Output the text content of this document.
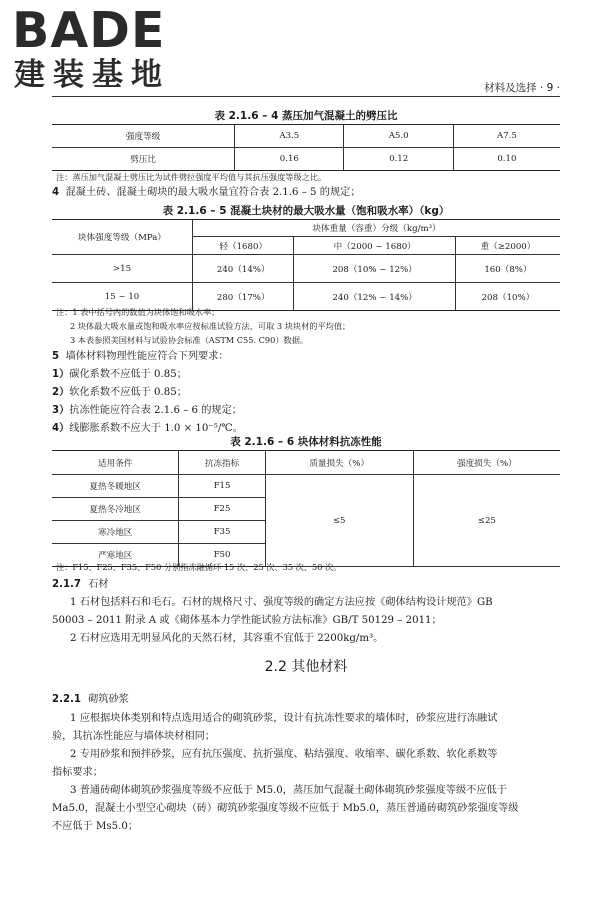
BADE
建装基地	材料及选择 · 9 ·
表 2.1.6 – 4 蒸压加气混凝土的劈压比
强度等级	A3.5	A5.0	A7.5
劈压比	0.16	0.12	0.10
注：蒸压加气混凝土劈压比为试件劈拉强度平均值与其抗压强度等级之比。
4 混凝土砖、混凝土砌块的最大吸水量宜符合表 2.1.6 – 5 的规定；
表 2.1.6 – 5 混凝土块材的最大吸水量（饱和吸水率）（kg）
块体强度等级（MPa）	块体重量（容重）分级（kg/m³）		
	轻（1680）	中（2000 ~ 1680）	重（≥2000）
>15	240（14%）	208（10% ~ 12%）	160（8%）
15 ~ 10	280（17%）	240（12% ~ 14%）	208（10%）
注：1 表中括号内的数值为块体饱和吸水率；
2 块体最大吸水量或饱和吸水率应按标准试验方法，可取 3 块块材的平均值；
3 本表参照美国材料与试验协会标准（ASTM C55. C90）数据。
5 墙体材料物理性能应符合下列要求：
1）碳化系数不应低于 0.85；
2）软化系数不应低于 0.85；
3）抗冻性能应符合表 2.1.6 – 6 的规定；
4）线膨胀系数不应大于 1.0 × 10⁻⁵/℃。
表 2.1.6 – 6 块体材料抗冻性能
适用条件	抗冻指标	质量损失（%）	强度损失（%）
夏热冬暖地区	F15	≤5	≤25
夏热冬冷地区	F25		
寒冷地区	F35		
严寒地区	F50		
注：F15、F25、F35、F50 分别指冻融循环 15 次、25 次、35 次、50 次。
2.1.7 石材
1 石材包括料石和毛石。石材的规格尺寸、强度等级的确定方法应按《砌体结构设计规范》GB
50003 – 2011 附录 A 或《砌体基本力学性能试验方法标准》GB/T 50129 – 2011；
2 石材应选用无明显风化的天然石材，其容重不宜低于 2200kg/m³。
2.2 其他材料
2.2.1 砌筑砂浆
1 应根据块体类别和特点选用适合的砌筑砂浆，设计有抗冻性要求的墙体时，砂浆应进行冻融试
验，其抗冻性能应与墙体块材相同；
2 专用砂浆和预拌砂浆，应有抗压强度、抗折强度、粘结强度、收缩率、碳化系数、软化系数等
指标要求；
3 普通砖砌体砌筑砂浆强度等级不应低于 M5.0，蒸压加气混凝土砌体砌筑砂浆强度等级不应低于
Ma5.0，混凝土小型空心砌块（砖）砌筑砂浆强度等级不应低于 Mb5.0，蒸压普通砖砌筑砂浆强度等级
不应低于 Ms5.0；
